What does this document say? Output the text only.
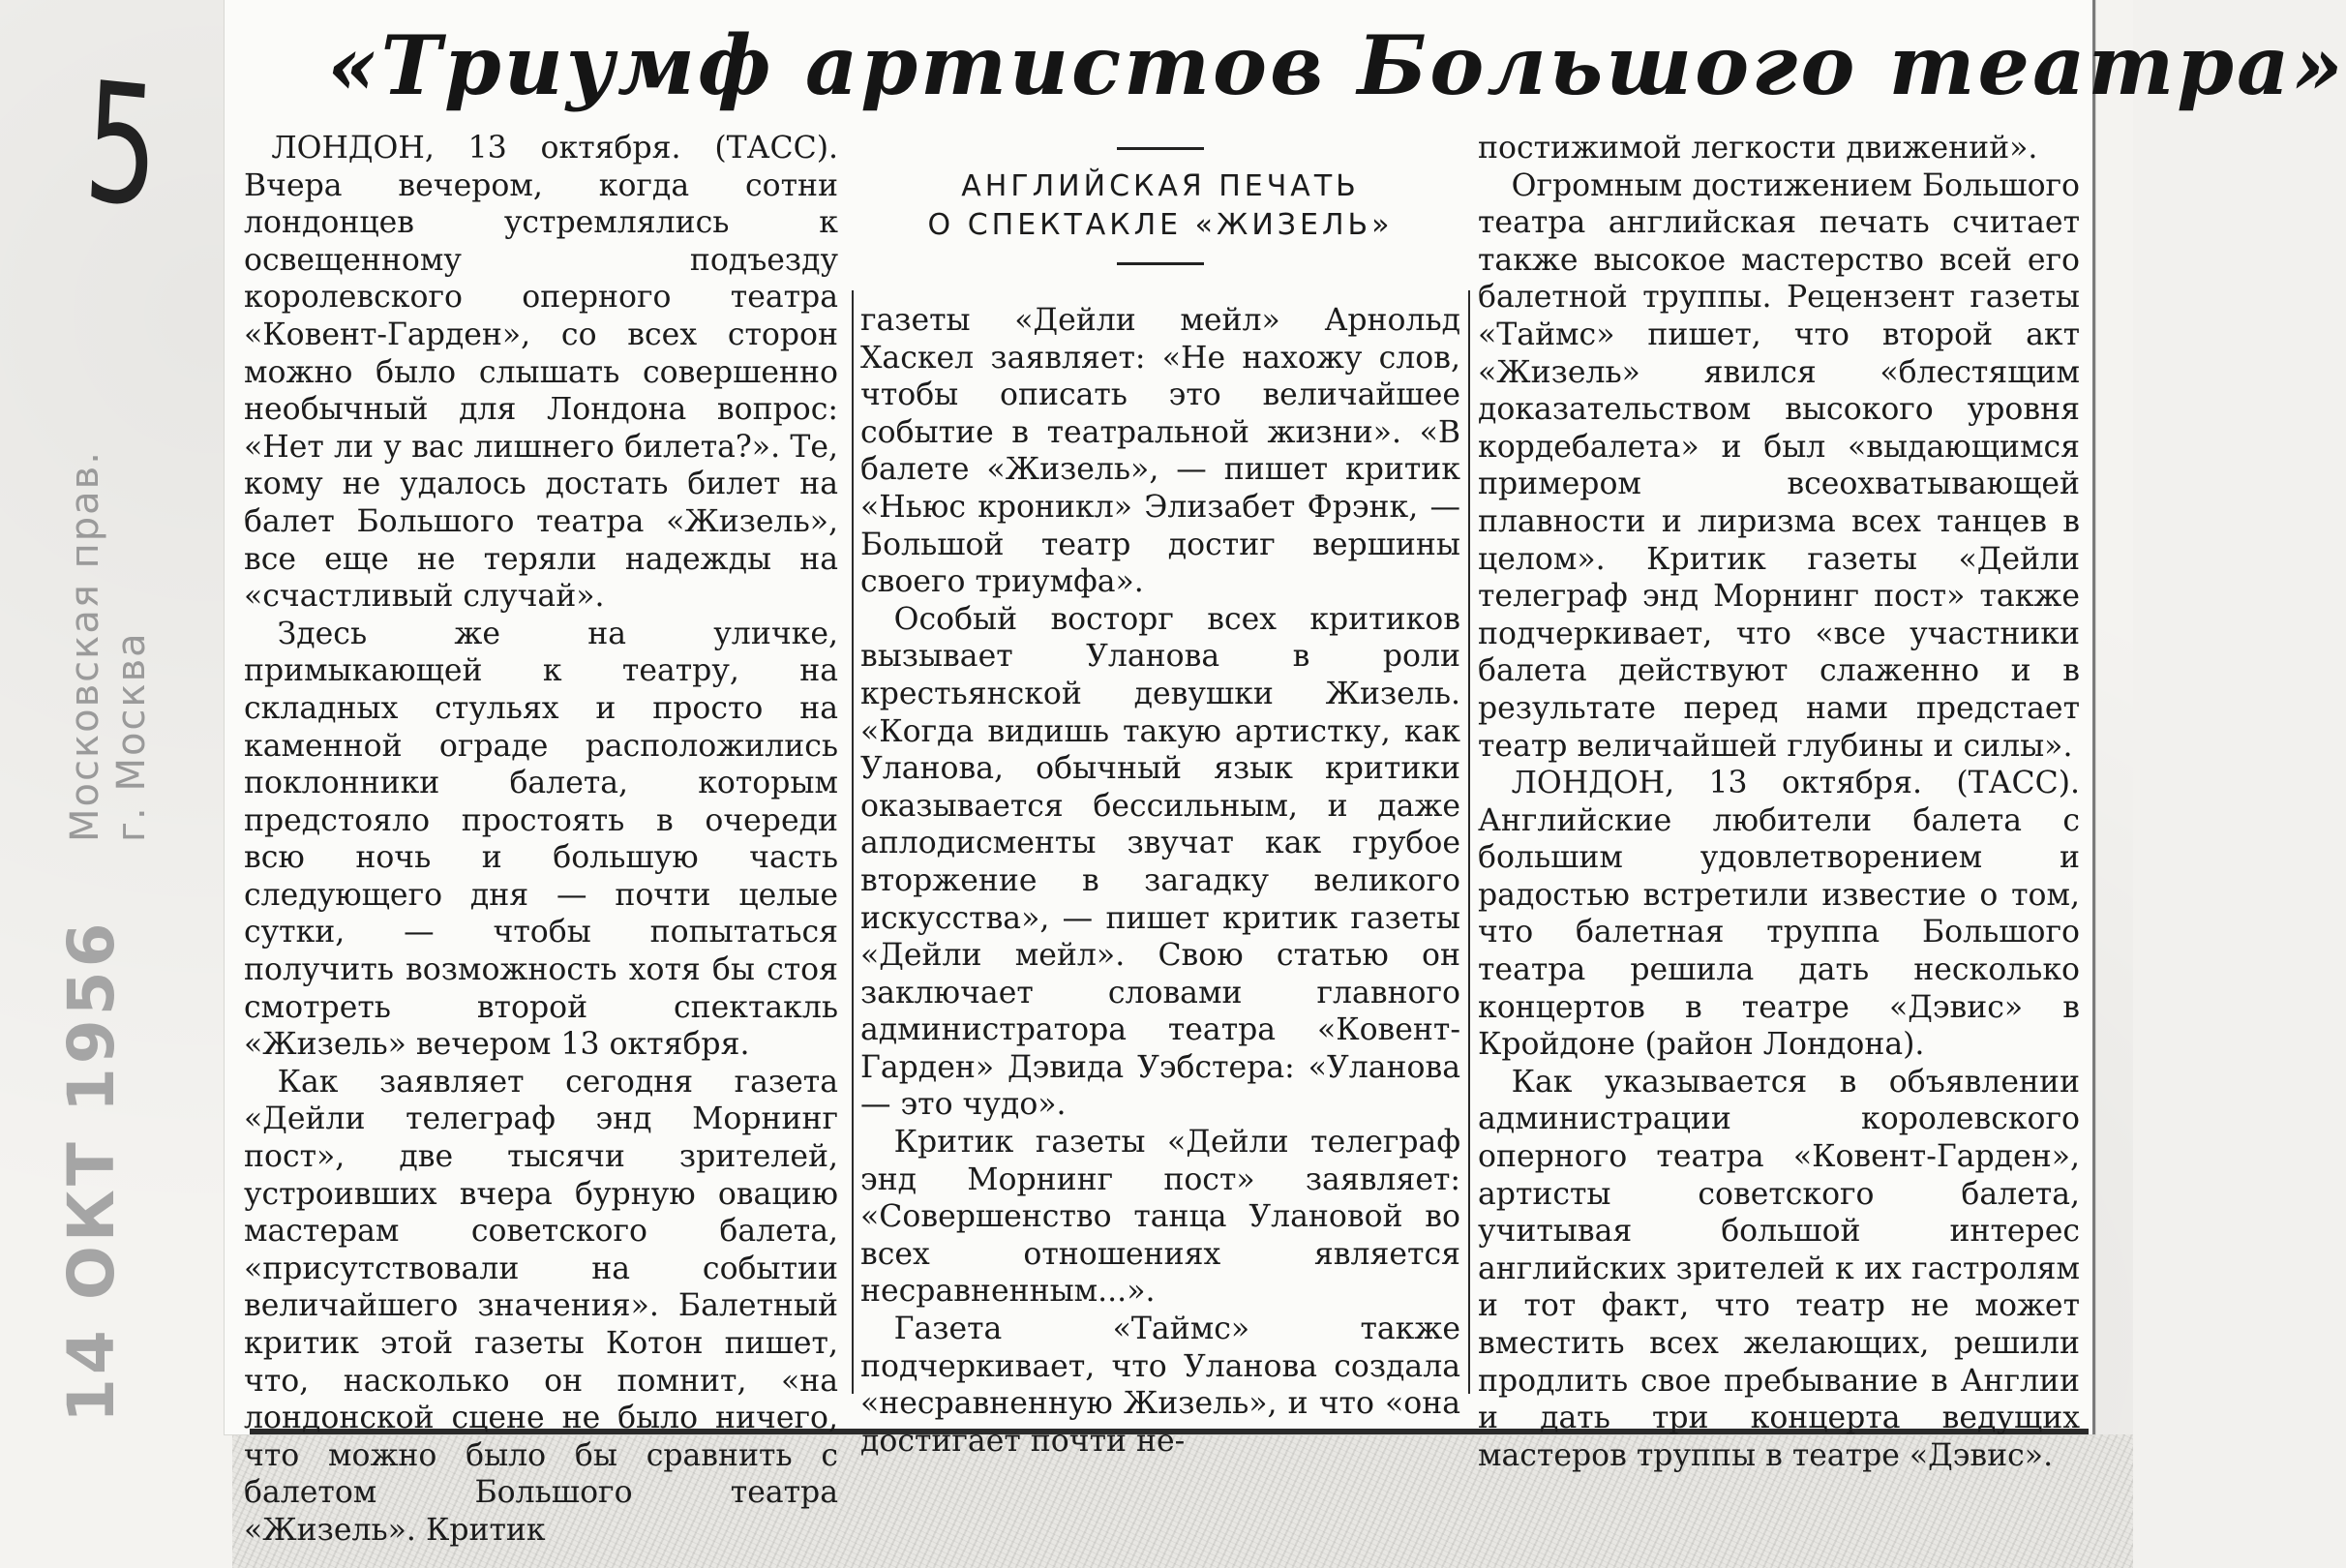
5
Московская прав. г. Москва
14 ОКТ 1956
«Триумф артистов Большого театра»

ЛОНДОН, 13 октября. (ТАСС). Вчера вечером, когда сотни лондонцев устремлялись к освещенному подъезду королевского оперного театра «Ковент-Гарден», со всех сторон можно было слышать совершенно необычный для Лондона вопрос: «Нет ли у вас лишнего билета?». Те, кому не удалось достать билет на балет Большого театра «Жизель», все еще не теряли надежды на «счастливый случай».

Здесь же на уличке, примыкающей к театру, на складных стульях и просто на каменной ограде расположились поклонники балета, которым предстояло простоять в очереди всю ночь и большую часть следующего дня — почти целые сутки, — чтобы попытаться получить возможность хотя бы стоя смотреть второй спектакль «Жизель» вечером 13 октября.

Как заявляет сегодня газета «Дейли телеграф энд Морнинг пост», две тысячи зрителей, устроивших вчера бурную овацию мастерам советского балета, «присутствовали на событии величайшего значения». Балетный критик этой газеты Котон пишет, что, насколько он помнит, «на лондонской сцене не было ничего, что можно было бы сравнить с балетом Большого театра «Жизель». Критик

АНГЛИЙСКАЯ ПЕЧАТЬ
О СПЕКТАКЛЕ «ЖИЗЕЛЬ»

газеты «Дейли мейл» Арнольд Хаскел заявляет: «Не нахожу слов, чтобы описать это величайшее событие в театральной жизни». «В балете «Жизель», — пишет критик «Ньюс кроникл» Элизабет Фрэнк, — Большой театр достиг вершины своего триумфа».

Особый восторг всех критиков вызывает Уланова в роли крестьянской девушки Жизель. «Когда видишь такую артистку, как Уланова, обычный язык критики оказывается бессильным, и даже аплодисменты звучат как грубое вторжение в загадку великого искусства», — пишет критик газеты «Дейли мейл». Свою статью он заключает словами главного администратора театра «Ковент-Гарден» Дэвида Уэбстера: «Уланова — это чудо».

Критик газеты «Дейли телеграф энд Морнинг пост» заявляет: «Совершенство танца Улановой во всех отношениях является несравненным...».

Газета «Таймс» также подчеркивает, что Уланова создала «несравненную Жизель», и что «она достигает почти не-

постижимой легкости движений».

Огромным достижением Большого театра английская печать считает также высокое мастерство всей его балетной труппы. Рецензент газеты «Таймс» пишет, что второй акт «Жизель» явился «блестящим доказательством высокого уровня кордебалета» и был «выдающимся примером всеохватывающей плавности и лиризма всех танцев в целом». Критик газеты «Дейли телеграф энд Морнинг пост» также подчеркивает, что «все участники балета действуют слаженно и в результате перед нами предстает театр величайшей глубины и силы».

ЛОНДОН, 13 октября. (ТАСС). Английские любители балета с большим удовлетворением и радостью встретили известие о том, что балетная труппа Большого театра решила дать несколько концертов в театре «Дэвис» в Кройдоне (район Лондона).

Как указывается в объявлении администрации королевского оперного театра «Ковент-Гарден», артисты советского балета, учитывая большой интерес английских зрителей к их гастролям и тот факт, что театр не может вместить всех желающих, решили продлить свое пребывание в Англии и дать три концерта ведущих мастеров труппы в театре «Дэвис».
